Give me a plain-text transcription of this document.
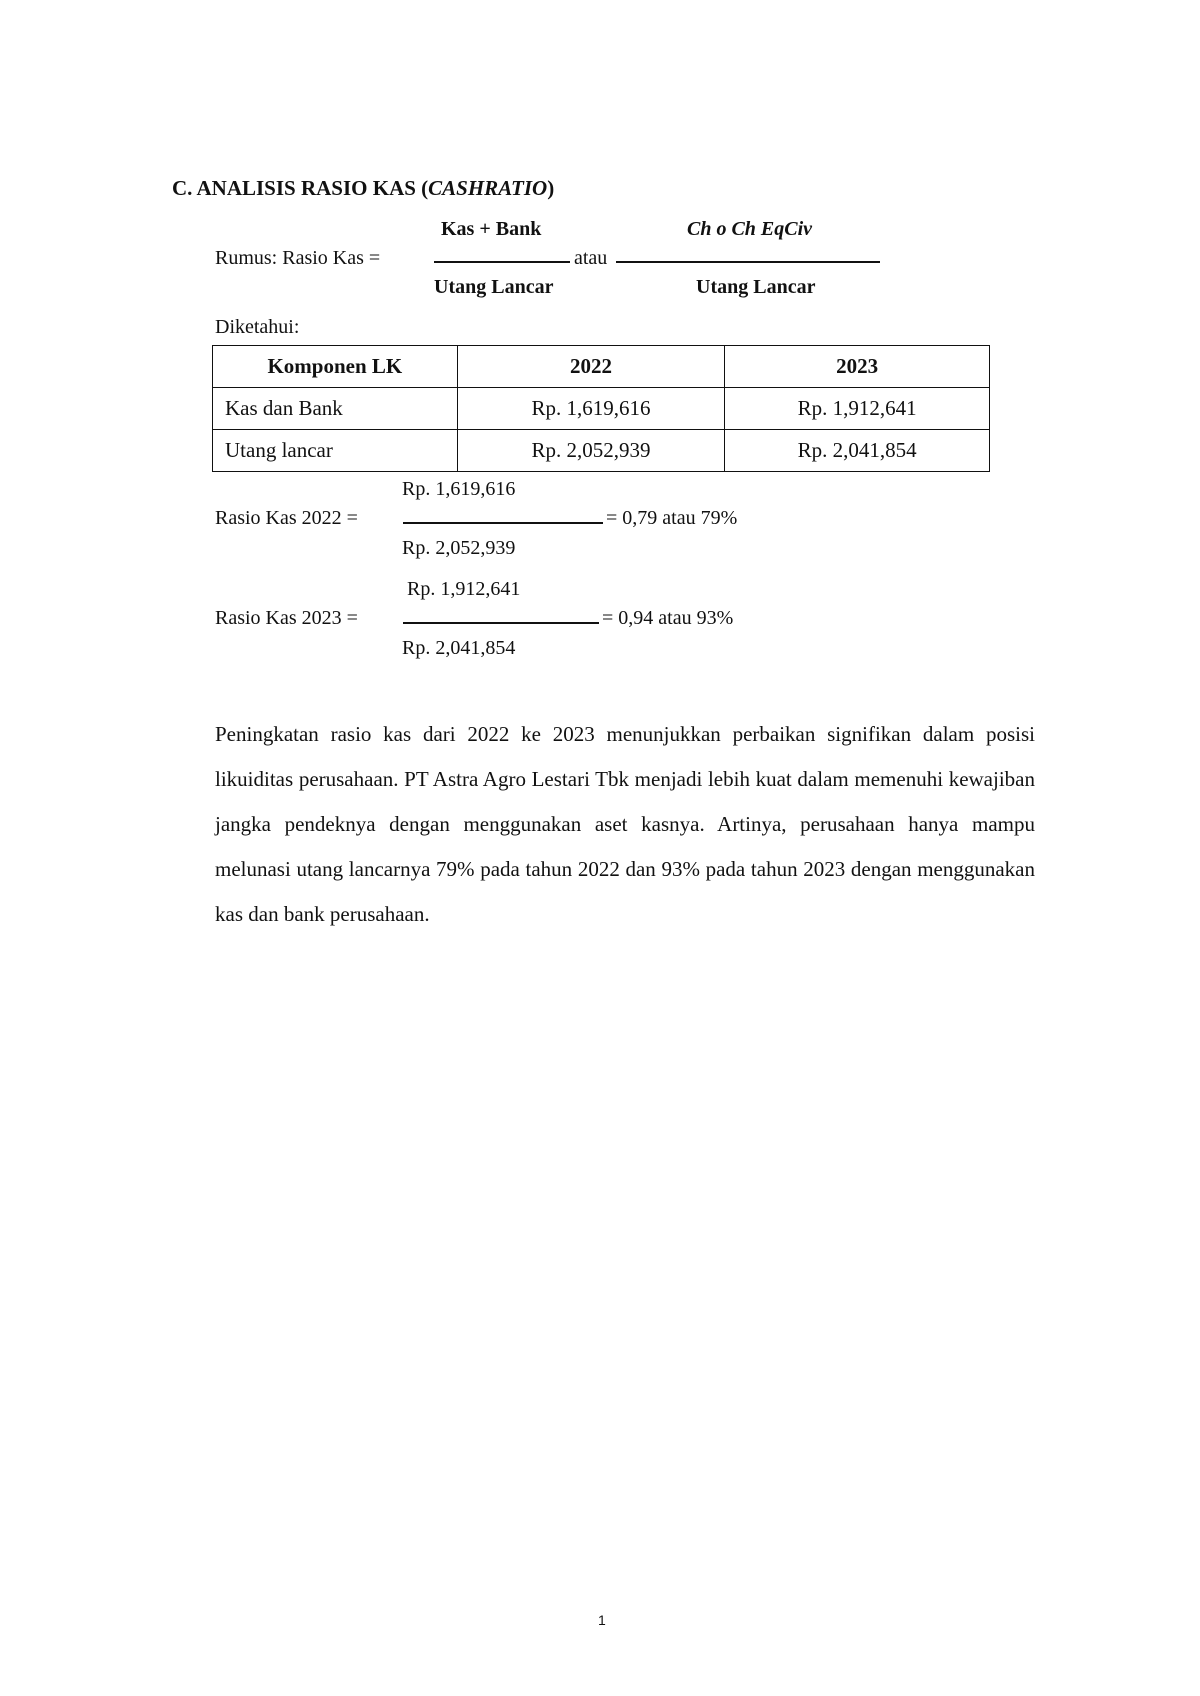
C. ANALISIS RASIO KAS (CASHRATIO)
Rumus: Rasio Kas =
Kas + Bank
Utang Lancar
atau
Ch o Ch EqCiv
Utang Lancar
Diketahui:
Komponen LK	2022	2023
Kas dan Bank	Rp. 1,619,616	Rp. 1,912,641
Utang lancar	Rp. 2,052,939	Rp. 2,041,854
Rp. 1,619,616
Rasio Kas 2022 =	= 0,79 atau 79%
Rp. 2,052,939
Rp. 1,912,641
Rasio Kas 2023 =	= 0,94 atau 93%
Rp. 2,041,854
Peningkatan rasio kas dari 2022 ke 2023 menunjukkan perbaikan signifikan dalam posisi likuiditas perusahaan. PT Astra Agro Lestari Tbk menjadi lebih kuat dalam memenuhi kewajiban jangka pendeknya dengan menggunakan aset kasnya. Artinya, perusahaan hanya mampu melunasi utang lancarnya 79% pada tahun 2022 dan 93% pada tahun 2023 dengan menggunakan kas dan bank perusahaan.
1
